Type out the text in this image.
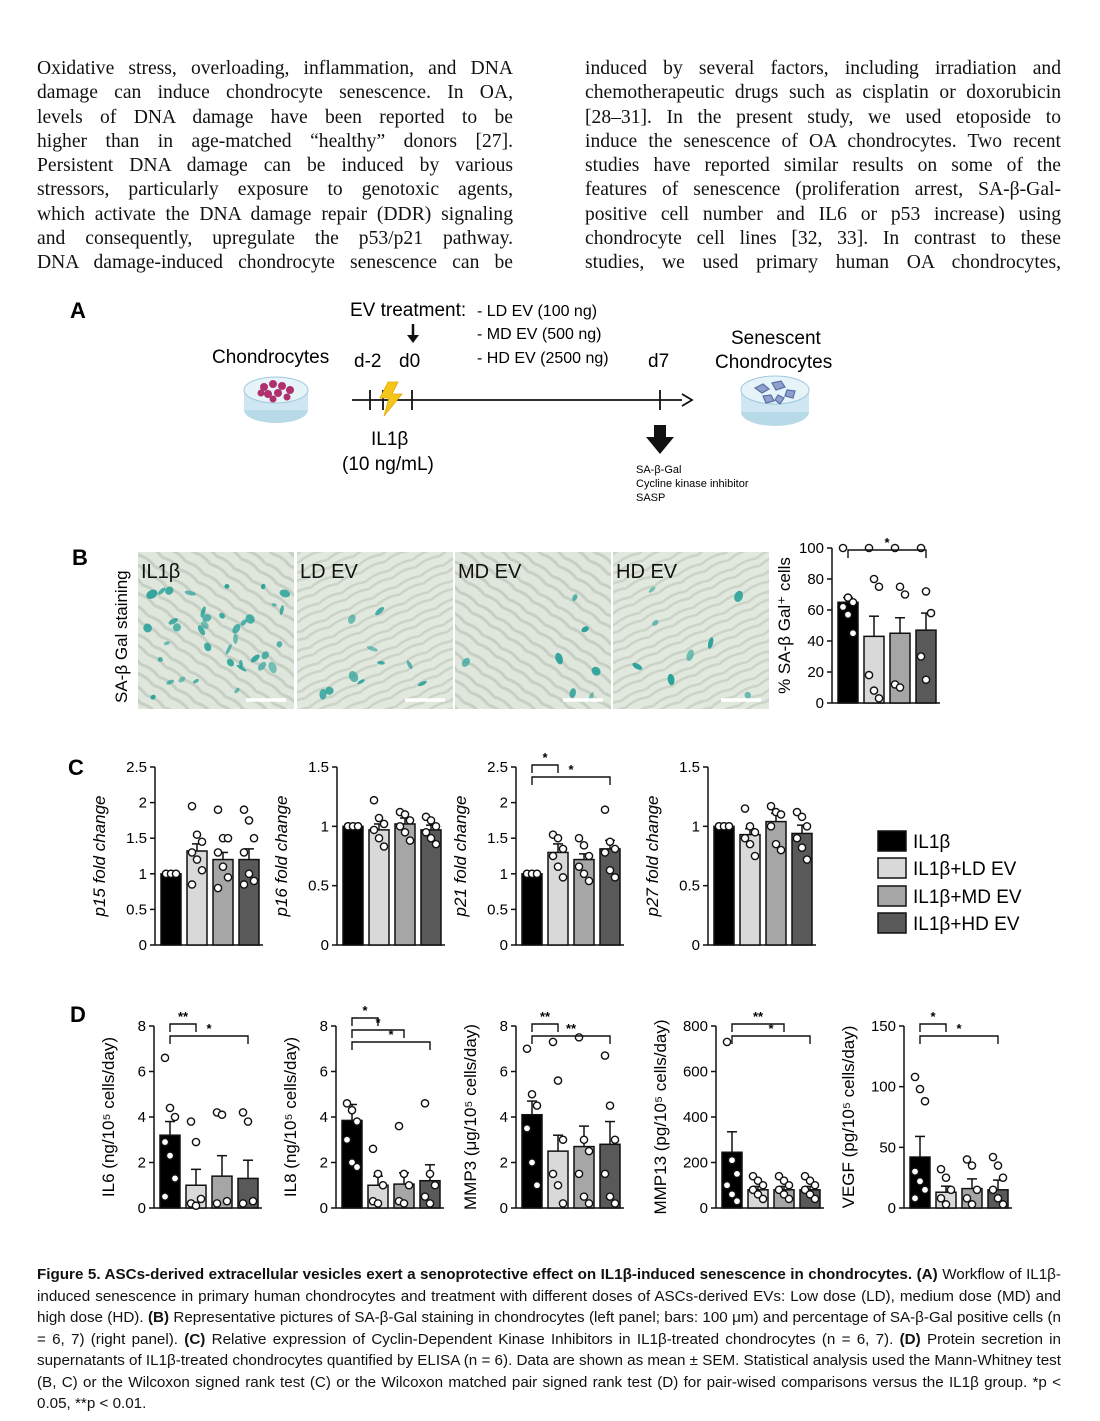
Oxidative stress, overloading, inflammation, and DNA
damage can induce chondrocyte senescence. In OA,
levels of DNA damage have been reported to be
higher than in age-matched “healthy” donors [27].
Persistent DNA damage can be induced by various
stressors, particularly exposure to genotoxic agents,
which activate the DNA damage repair (DDR) signaling
and consequently, upregulate the p53/p21 pathway.
DNA damage-induced chondrocyte senescence can be
induced by several factors, including irradiation and
chemotherapeutic drugs such as cisplatin or doxorubicin
[28–31]. In the present study, we used etoposide to
induce the senescence of OA chondrocytes. Two recent
studies have reported similar results on some of the
features of senescence (proliferation arrest, SA-β-Gal-
positive cell number and IL6 or p53 increase) using
chondrocyte cell lines [32, 33]. In contrast to these
studies, we used primary human OA chondrocytes,
A
B
C
D
EV treatment: - LD EV (100 ng)
- MD EV (500 ng)
- HD EV (2500 ng)
Chondrocytes d-2 d0	d7
Senescent
Chondrocytes
IL1β
(10 ng/mL)	SA-β-Gal
Cycline kinase inhibitor
SASP
SA-β Gal staining IL1β	LD EV	MD EV	HD EV
0
20
40
60
80
100
% SA-β Gal⁺ cells
*
0
0.5
1
1.5
2
2.5
p15 fold change
0
0.5
1
1.5
p16 fold change
0
0.5
1
1.5
2
2.5
p21 fold change
*
*
0
0.5
1
1.5
p27 fold change
0
2
4
6
8
IL6 (ng/10⁵ cells/day)
**
*
0
2
4
6
8
IL8 (ng/10⁵ cells/day)
*
*
*
0
2
4
6
8
MMP3 (μg/10⁵ cells/day)
**
**
0
200
400
600
800
MMP13 (pg/10⁵ cells/day)
**
*
0
50
100
150
VEGF (pg/10⁵ cells/day)
*
*
IL1β
IL1β+LD EV
IL1β+MD EV
IL1β+HD EV
Figure 5. ASCs-derived extracellular vesicles exert a senoprotective effect on IL1β-induced senescence in chondrocytes. (A) Workflow of IL1β-induced senescence in primary human chondrocytes and treatment with different doses of ASCs-derived EVs: Low dose (LD), medium dose (MD) and high dose (HD). (B) Representative pictures of SA-β-Gal staining in chondrocytes (left panel; bars: 100 μm) and percentage of SA-β-Gal positive cells (n = 6, 7) (right panel). (C) Relative expression of Cyclin-Dependent Kinase Inhibitors in IL1β-treated chondrocytes (n = 6, 7). (D) Protein secretion in supernatants of IL1β-treated chondrocytes quantified by ELISA (n = 6). Data are shown as mean ± SEM. Statistical analysis used the Mann-Whitney test (B, C) or the Wilcoxon signed rank test (C) or the Wilcoxon matched pair signed rank test (D) for pair-wised comparisons versus the IL1β group. *p < 0.05, **p < 0.01.
